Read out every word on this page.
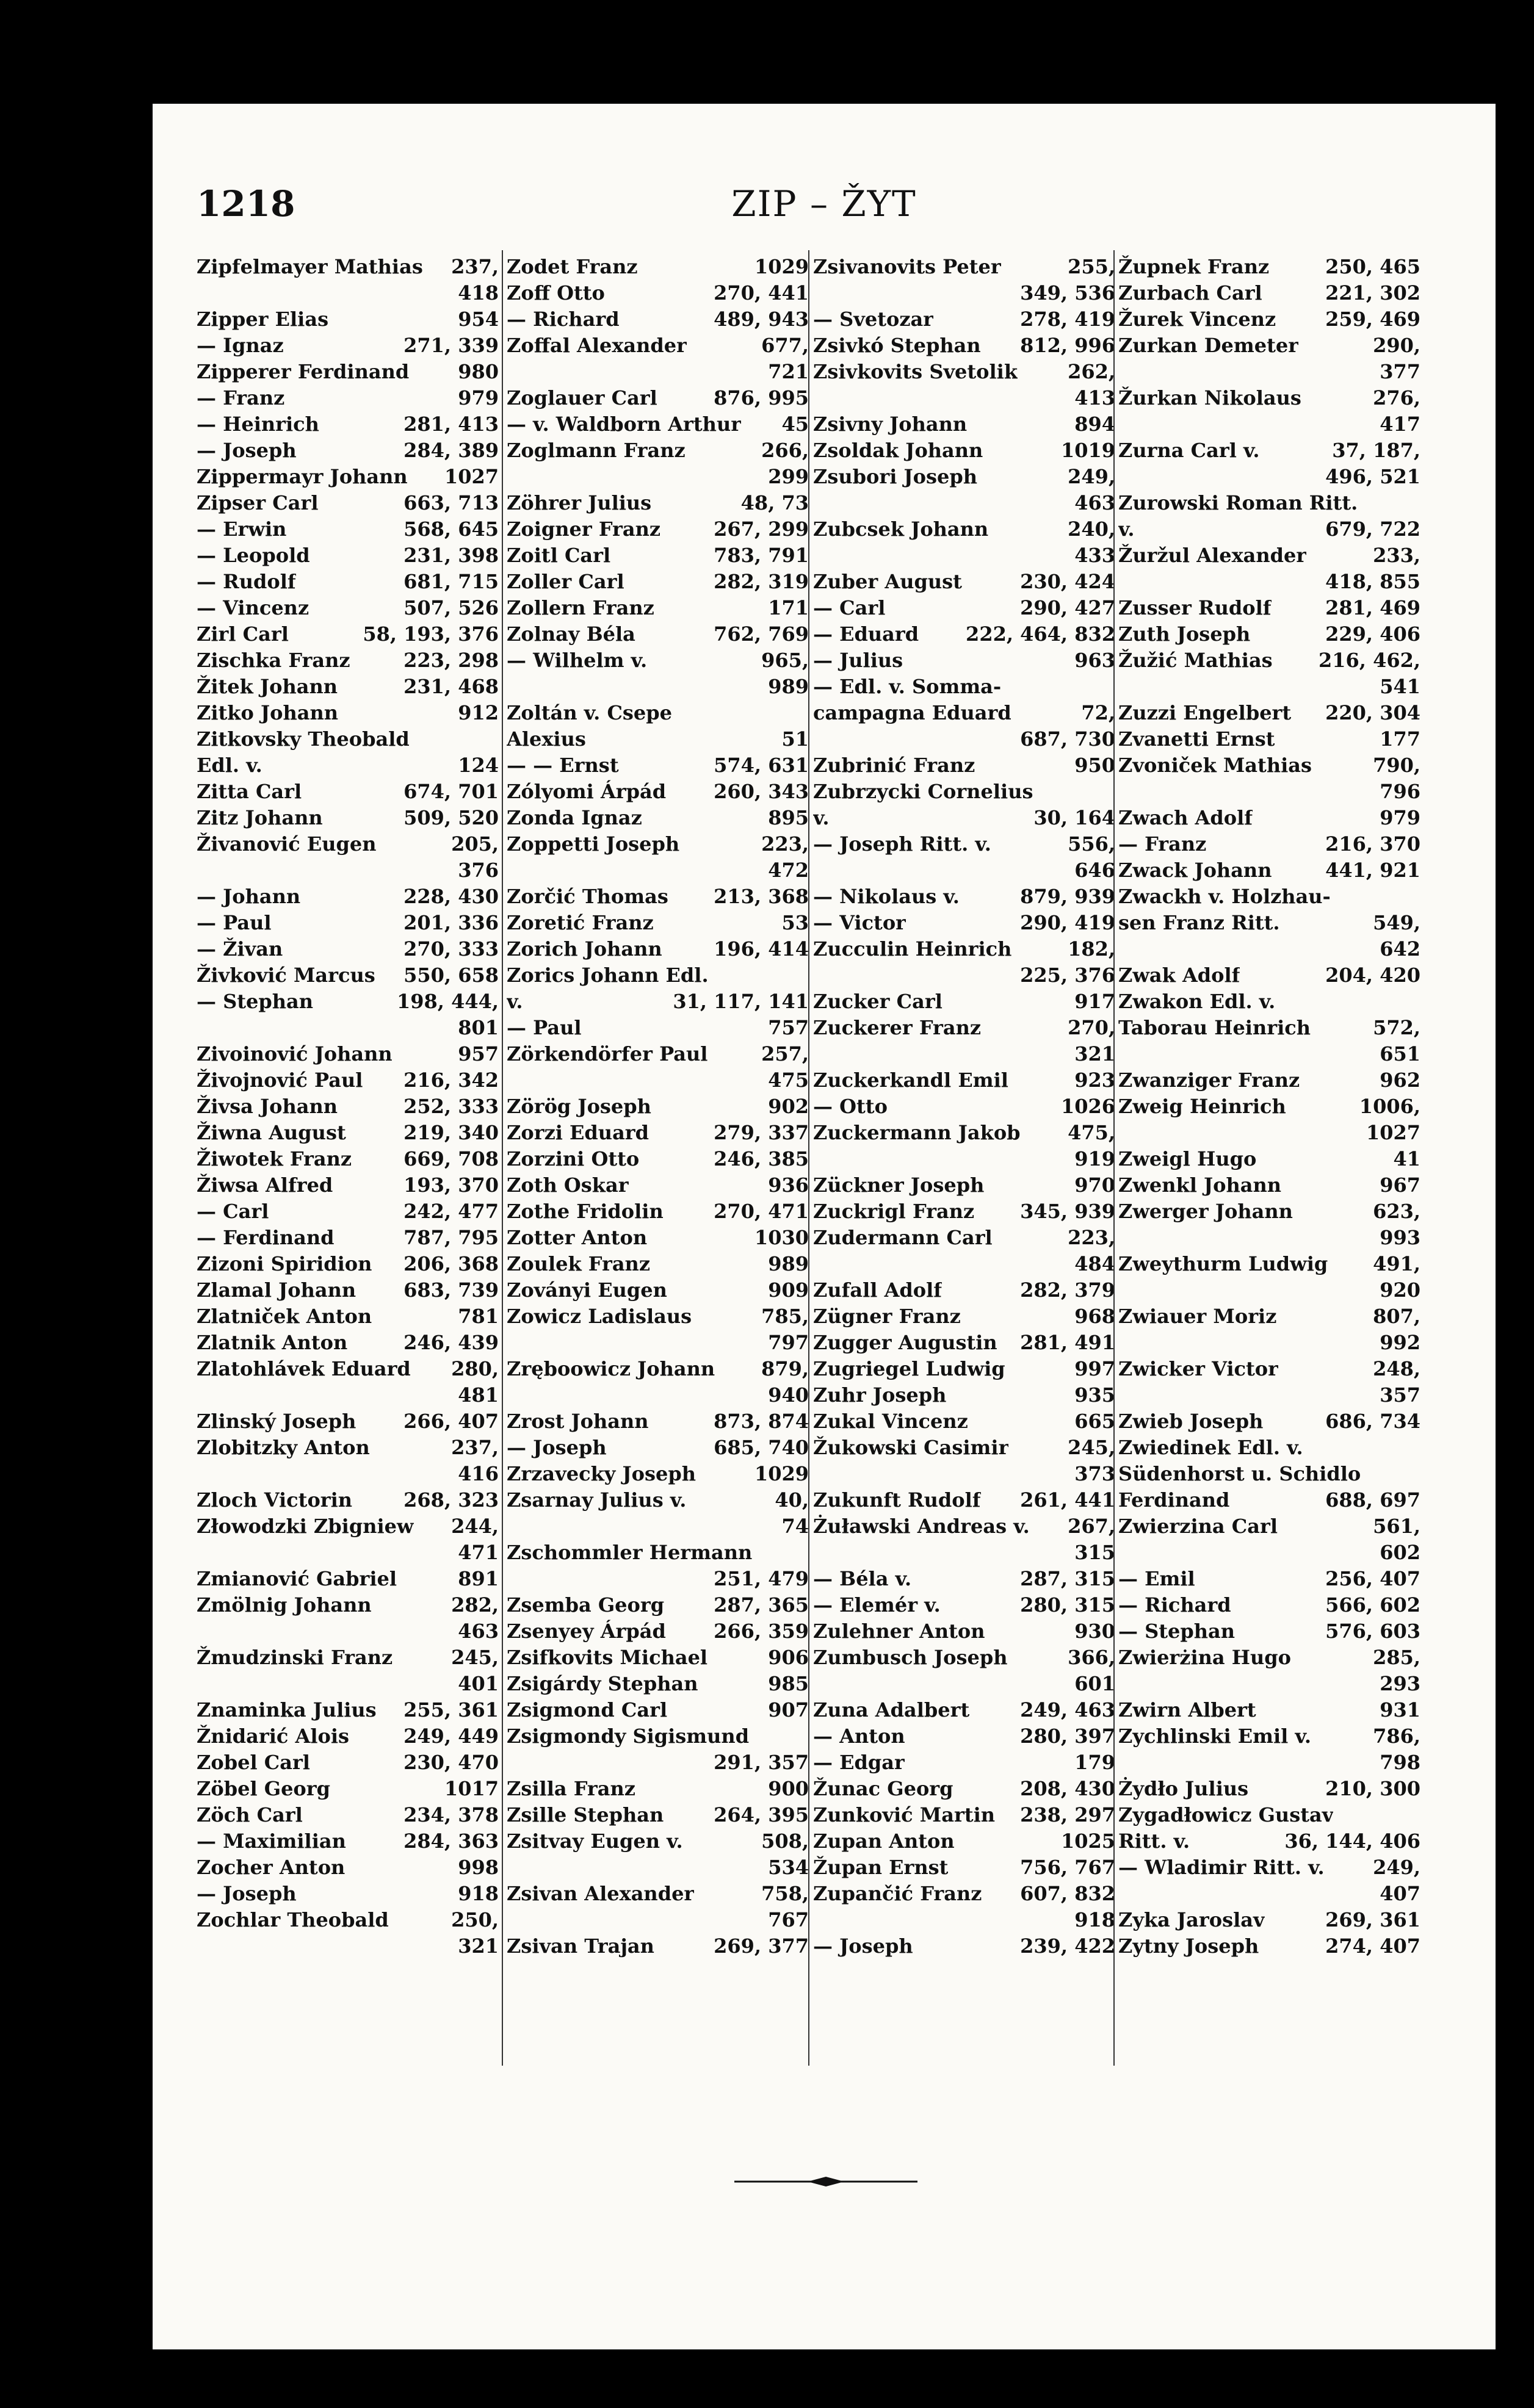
1218	ZIP – ŽYT
Zipfelmayer Mathias 237,
418
Zipper Elias	954
— Ignaz	271, 339
Zipperer Ferdinand	980
— Franz	979
— Heinrich	281, 413
— Joseph	284, 389
Zippermayr Johann 1027
Zipser Carl	663, 713
— Erwin	568, 645
— Leopold	231, 398
— Rudolf	681, 715
— Vincenz	507, 526
Zirl Carl	58, 193, 376
Zischka Franz	223, 298
Žitek Johann	231, 468
Zitko Johann	912
Zitkovsky Theobald
Edl. v.	124
Zitta Carl	674, 701
Zitz Johann	509, 520
Živanović Eugen	205,
376
— Johann	228, 430
— Paul	201, 336
— Živan	270, 333
Živković Marcus 550, 658
— Stephan	198, 444,
801
Zivoinović Johann	957
Živojnović Paul 216, 342
Živsa Johann	252, 333
Žiwna August	219, 340
Žiwotek Franz	669, 708
Žiwsa Alfred	193, 370
— Carl	242, 477
— Ferdinand	787, 795
Zizoni Spiridion 206, 368
Zlamal Johann 683, 739
Zlatniček Anton	781
Zlatnik Anton	246, 439
Zlatohlávek Eduard 280,
481
Zlinský Joseph 266, 407
Zlobitzky Anton	237,
416
Zloch Victorin	268, 323
Złowodzki Zbigniew 244,
471
Zmianović Gabriel	891
Zmölnig Johann	282,
463
Žmudzinski Franz	245,
401
Znaminka Julius 255, 361
Žnidarić Alois	249, 449
Zobel Carl	230, 470
Zöbel Georg	1017
Zöch Carl	234, 378
— Maximilian	284, 363
Zocher Anton	998
— Joseph	918
Zochlar Theobald	250,
321
Zodet Franz	1029
Zoff Otto	270, 441
— Richard	489, 943
Zoffal Alexander	677,
721
Zoglauer Carl	876, 995
— v. Waldborn Arthur 45
Zoglmann Franz	266,
299
Zöhrer Julius	48, 73
Zoigner Franz	267, 299
Zoitl Carl	783, 791
Zoller Carl	282, 319
Zollern Franz	171
Zolnay Béla	762, 769
— Wilhelm v.	965,
989
Zoltán v. Csepe
Alexius	51
— — Ernst	574, 631
Zólyomi Árpád 260, 343
Zonda Ignaz	895
Zoppetti Joseph	223,
472
Zorčić Thomas 213, 368
Zoretić Franz	53
Zorich Johann	196, 414
Zorics Johann Edl.
v.	31, 117, 141
— Paul	757
Zörkendörfer Paul	257,
475
Zörög Joseph	902
Zorzi Eduard	279, 337
Zorzini Otto	246, 385
Zoth Oskar	936
Zothe Fridolin	270, 471
Zotter Anton	1030
Zoulek Franz	989
Zoványi Eugen	909
Zowicz Ladislaus	785,
797
Zręboowicz Johann 879,
940
Zrost Johann	873, 874
— Joseph	685, 740
Zrzavecky Joseph	1029
Zsarnay Julius v.	40,
74
Zschommler Hermann
251, 479
Zsemba Georg	287, 365
Zsenyey Árpád 266, 359
Zsifkovits Michael	906
Zsigárdy Stephan	985
Zsigmond Carl	907
Zsigmondy Sigismund
291, 357
Zsilla Franz	900
Zsille Stephan	264, 395
Zsitvay Eugen v.	508,
534
Zsivan Alexander	758,
767
Zsivan Trajan	269, 377
Zsivanovits Peter	255,
349, 536
— Svetozar	278, 419
Zsivkó Stephan 812, 996
Zsivkovits Svetolik	262,
413
Zsivny Johann	894
Zsoldak Johann	1019
Zsubori Joseph	249,
463
Zubcsek Johann	240,
433
Zuber August	230, 424
— Carl	290, 427
— Eduard 222, 464, 832
— Julius	963
— Edl. v. Somma-
campagna Eduard	72,
687, 730
Zubrinić Franz	950
Zubrzycki Cornelius
v.	30, 164
— Joseph Ritt. v.	556,
646
— Nikolaus v.	879, 939
— Victor	290, 419
Zucculin Heinrich	182,
225, 376
Zucker Carl	917
Zuckerer Franz	270,
321
Zuckerkandl Emil	923
— Otto	1026
Zuckermann Jakob 475,
919
Zückner Joseph	970
Zuckrigl Franz 345, 939
Zudermann Carl	223,
484
Zufall Adolf	282, 379
Zügner Franz	968
Zugger Augustin 281, 491
Zugriegel Ludwig	997
Zuhr Joseph	935
Zukal Vincenz	665
Žukowski Casimir	245,
373
Zukunft Rudolf 261, 441
Żuławski Andreas v. 267,
315
— Béla v.	287, 315
— Elemér v.	280, 315
Zulehner Anton	930
Zumbusch Joseph	366,
601
Zuna Adalbert	249, 463
— Anton	280, 397
— Edgar	179
Žunac Georg	208, 430
Zunković Martin 238, 297
Zupan Anton	1025
Župan Ernst	756, 767
Zupančić Franz 607, 832
918
— Joseph	239, 422
Župnek Franz	250, 465
Zurbach Carl	221, 302
Žurek Vincenz	259, 469
Zurkan Demeter	290,
377
Žurkan Nikolaus	276,
417
Zurna Carl v.	37, 187,
496, 521
Zurowski Roman Ritt.
v.	679, 722
Žuržul Alexander	233,
418, 855
Zusser Rudolf	281, 469
Zuth Joseph	229, 406
Žužić Mathias 216, 462,
541
Zuzzi Engelbert 220, 304
Zvanetti Ernst	177
Zvoniček Mathias	790,
796
Zwach Adolf	979
— Franz	216, 370
Zwack Johann	441, 921
Zwackh v. Holzhau-
sen Franz Ritt.	549,
642
Zwak Adolf	204, 420
Zwakon Edl. v.
Taborau Heinrich	572,
651
Zwanziger Franz	962
Zweig Heinrich	1006,
1027
Zweigl Hugo	41
Zwenkl Johann	967
Zwerger Johann	623,
993
Zweythurm Ludwig 491,
920
Zwiauer Moriz	807,
992
Zwicker Victor	248,
357
Zwieb Joseph	686, 734
Zwiedinek Edl. v.
Südenhorst u. Schidlo
Ferdinand	688, 697
Zwierzina Carl	561,
602
— Emil	256, 407
— Richard	566, 602
— Stephan	576, 603
Zwierżina Hugo	285,
293
Zwirn Albert	931
Zychlinski Emil v.	786,
798
Żydło Julius	210, 300
Zygadłowicz Gustav
Ritt. v.	36, 144, 406
— Wladimir Ritt. v. 249,
407
Zyka Jaroslav	269, 361
Zytny Joseph	274, 407
